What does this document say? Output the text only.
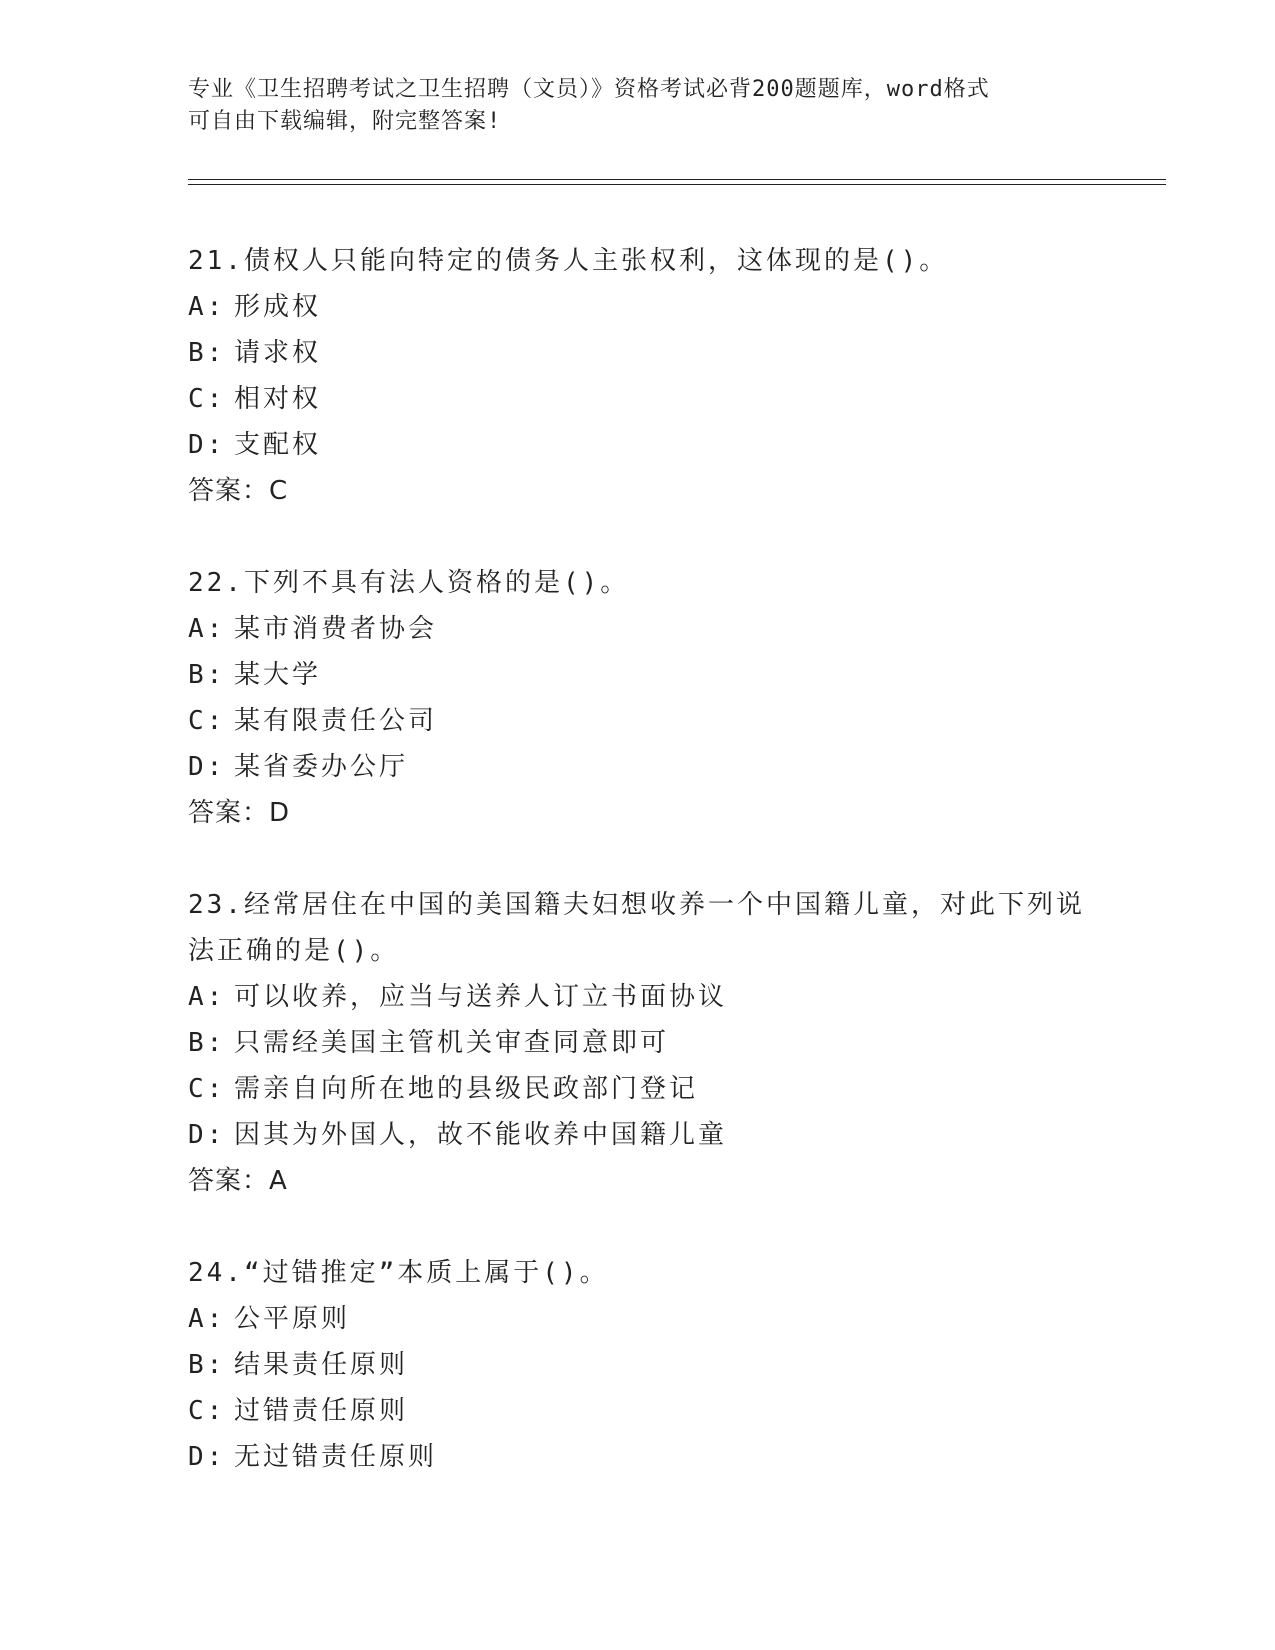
专业《卫生招聘考试之卫生招聘（文员）》资格考试必背200题题库，word格式
可自由下载编辑，附完整答案!
21.债权人只能向特定的债务人主张权利，这体现的是()。
A: 形成权
B: 请求权
C: 相对权
D: 支配权
答案：C
22.下列不具有法人资格的是()。
A: 某市消费者协会
B: 某大学
C: 某有限责任公司
D: 某省委办公厅
答案：D
23.经常居住在中国的美国籍夫妇想收养一个中国籍儿童，对此下列说
法正确的是()。
A: 可以收养，应当与送养人订立书面协议
B: 只需经美国主管机关审查同意即可
C: 需亲自向所在地的县级民政部门登记
D: 因其为外国人，故不能收养中国籍儿童
答案：A
24.“过错推定”本质上属于()。
A: 公平原则
B: 结果责任原则
C: 过错责任原则
D: 无过错责任原则
